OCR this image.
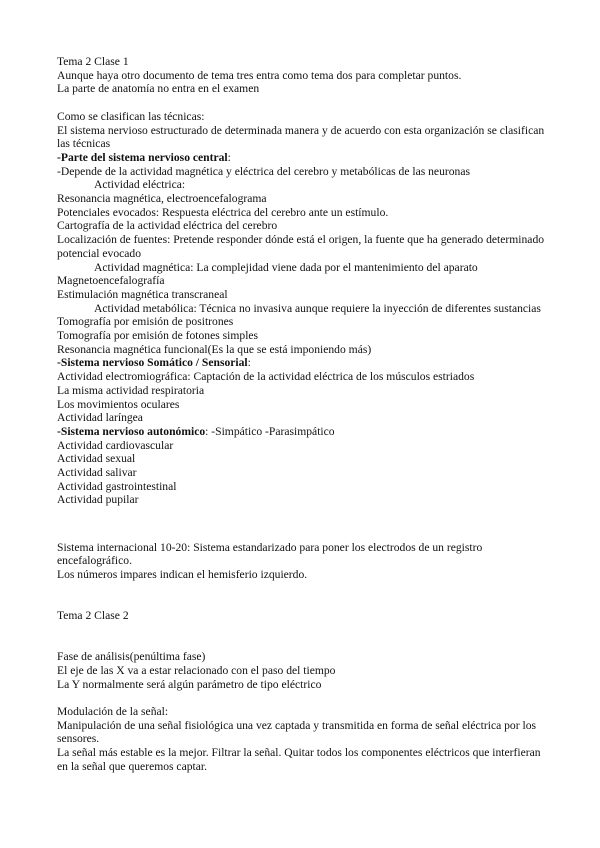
Tema 2 Clase 1

Aunque haya otro documento de tema tres entra como tema dos para completar puntos.

La parte de anatomía no entra en el examen

Como se clasifican las técnicas:

El sistema nervioso estructurado de determinada manera y de acuerdo con esta organización se clasifican las técnicas

-Parte del sistema nervioso central:

-Depende de la actividad magnética y eléctrica del cerebro y metabólicas de las neuronas

Actividad eléctrica:

Resonancia magnética, electroencefalograma

Potenciales evocados: Respuesta eléctrica del cerebro ante un estímulo.

Cartografía de la actividad eléctrica del cerebro

Localización de fuentes: Pretende responder dónde está el origen, la fuente que ha generado determinado potencial evocado

Actividad magnética: La complejidad viene dada por el mantenimiento del aparato

Magnetoencefalografía

Estimulación magnética transcraneal

Actividad metabólica: Técnica no invasiva aunque requiere la inyección de diferentes sustancias

Tomografía por emisión de positrones

Tomografía por emisión de fotones simples

Resonancia magnética funcional(Es la que se está imponiendo más)

-Sistema nervioso Somático / Sensorial:

Actividad electromiográfica: Captación de la actividad eléctrica de los músculos estriados

La misma actividad respiratoria

Los movimientos oculares

Actividad laríngea

-Sistema nervioso autonómico: -Simpático -Parasimpático

Actividad cardiovascular

Actividad sexual

Actividad salivar

Actividad gastrointestinal

Actividad pupilar

Sistema internacional 10-20: Sistema estandarizado para poner los electrodos de un registro encefalográfico.

Los números impares indican el hemisferio izquierdo.

Tema 2 Clase 2

Fase de análisis(penúltima fase)

El eje de las X va a estar relacionado con el paso del tiempo

La Y normalmente será algún parámetro de tipo eléctrico

Modulación de la señal:

Manipulación de una señal fisiológica una vez captada y transmitida en forma de señal eléctrica por los sensores.

La señal más estable es la mejor. Filtrar la señal. Quitar todos los componentes eléctricos que interfieran en la señal que queremos captar.
